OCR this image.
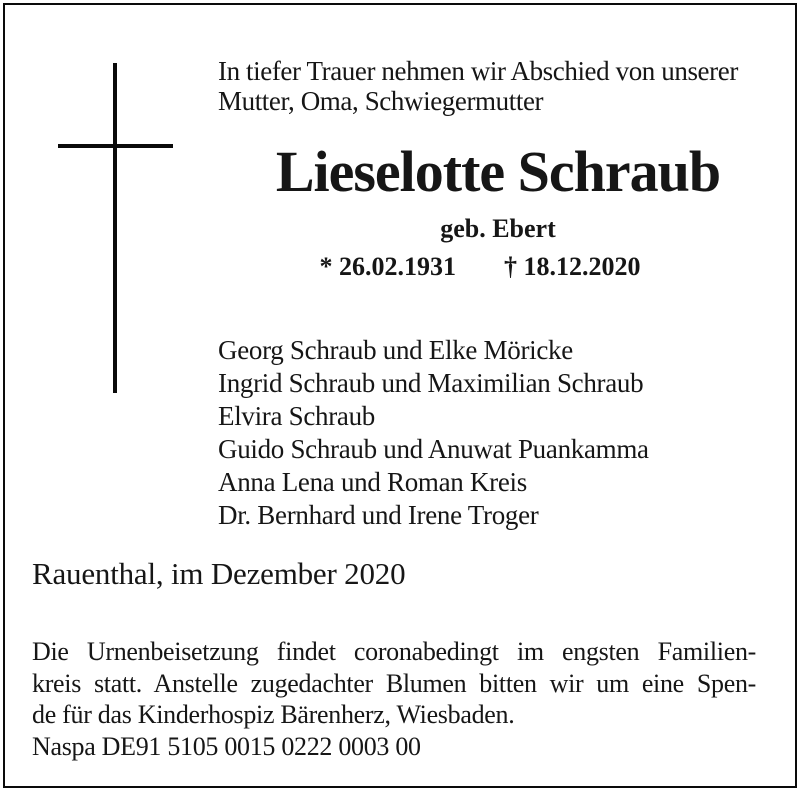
In tiefer Trauer nehmen wir Abschied von unserer
Mutter, Oma, Schwiegermutter
Lieselotte Schraub
geb. Ebert
* 26.02.1931 † 18.12.2020
Georg Schraub und Elke Möricke
Ingrid Schraub und Maximilian Schraub
Elvira Schraub
Guido Schraub und Anuwat Puankamma
Anna Lena und Roman Kreis
Dr. Bernhard und Irene Troger
Rauenthal, im Dezember 2020
Die Urnenbeisetzung findet coronabedingt im engsten Familien-
kreis statt. Anstelle zugedachter Blumen bitten wir um eine Spen-
de für das Kinderhospiz Bärenherz, Wiesbaden.
Naspa DE91 5105 0015 0222 0003 00
